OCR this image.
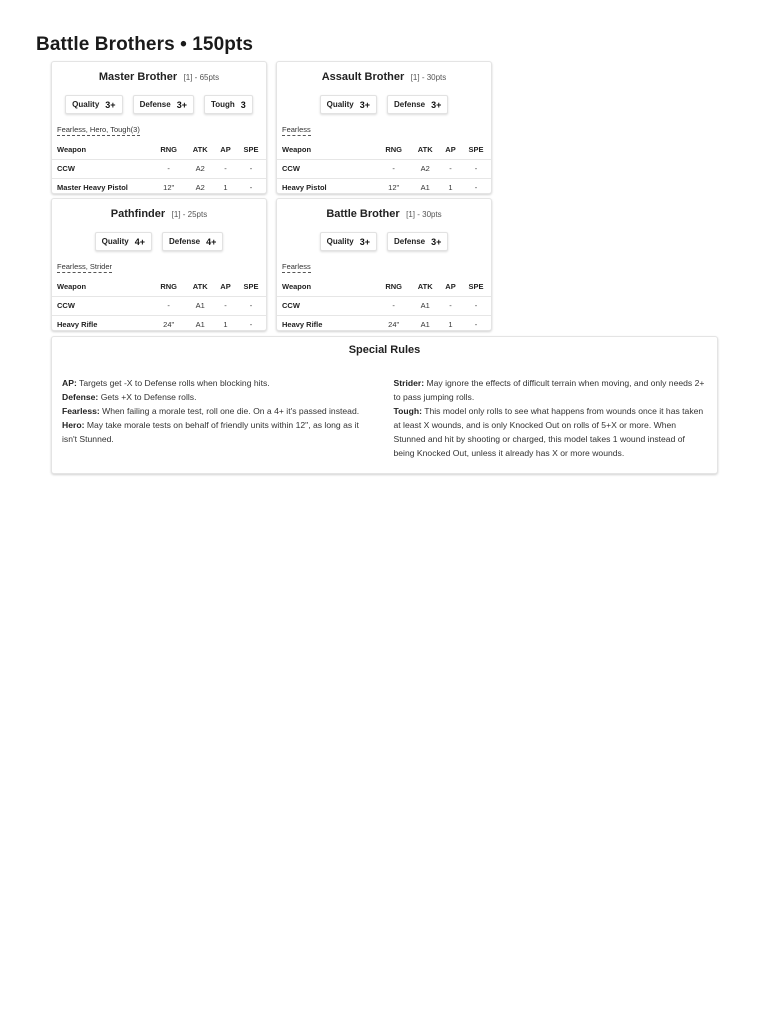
Battle Brothers • 150pts
Master Brother [1] - 65pts
Quality 3+	Defense 3+	Tough 3
Fearless, Hero, Tough(3)
Weapon	RNG	ATK	AP	SPE
CCW	-	A2	-	-
Master Heavy Pistol	12"	A2	1	-
Assault Brother [1] - 30pts
Quality 3+	Defense 3+
Fearless
Weapon	RNG	ATK	AP	SPE
CCW	-	A2	-	-
Heavy Pistol	12"	A1	1	-
Pathfinder [1] - 25pts
Quality 4+	Defense 4+
Fearless, Strider
Weapon	RNG	ATK	AP	SPE
CCW	-	A1	-	-
Heavy Rifle	24"	A1	1	-
Battle Brother [1] - 30pts
Quality 3+	Defense 3+
Fearless
Weapon	RNG	ATK	AP	SPE
CCW	-	A1	-	-
Heavy Rifle	24"	A1	1	-
Special Rules
AP: Targets get -X to Defense rolls when blocking hits.
Defense: Gets +X to Defense rolls.
Fearless: When failing a morale test, roll one die. On a 4+ it's passed instead.
Hero: May take morale tests on behalf of friendly units within 12", as long as it isn't Stunned.
Strider: May ignore the effects of difficult terrain when moving, and only needs 2+ to pass jumping rolls.
Tough: This model only rolls to see what happens from wounds once it has taken at least X wounds, and is only Knocked Out on rolls of 5+X or more. When Stunned and hit by shooting or charged, this model takes 1 wound instead of being Knocked Out, unless it already has X or more wounds.
